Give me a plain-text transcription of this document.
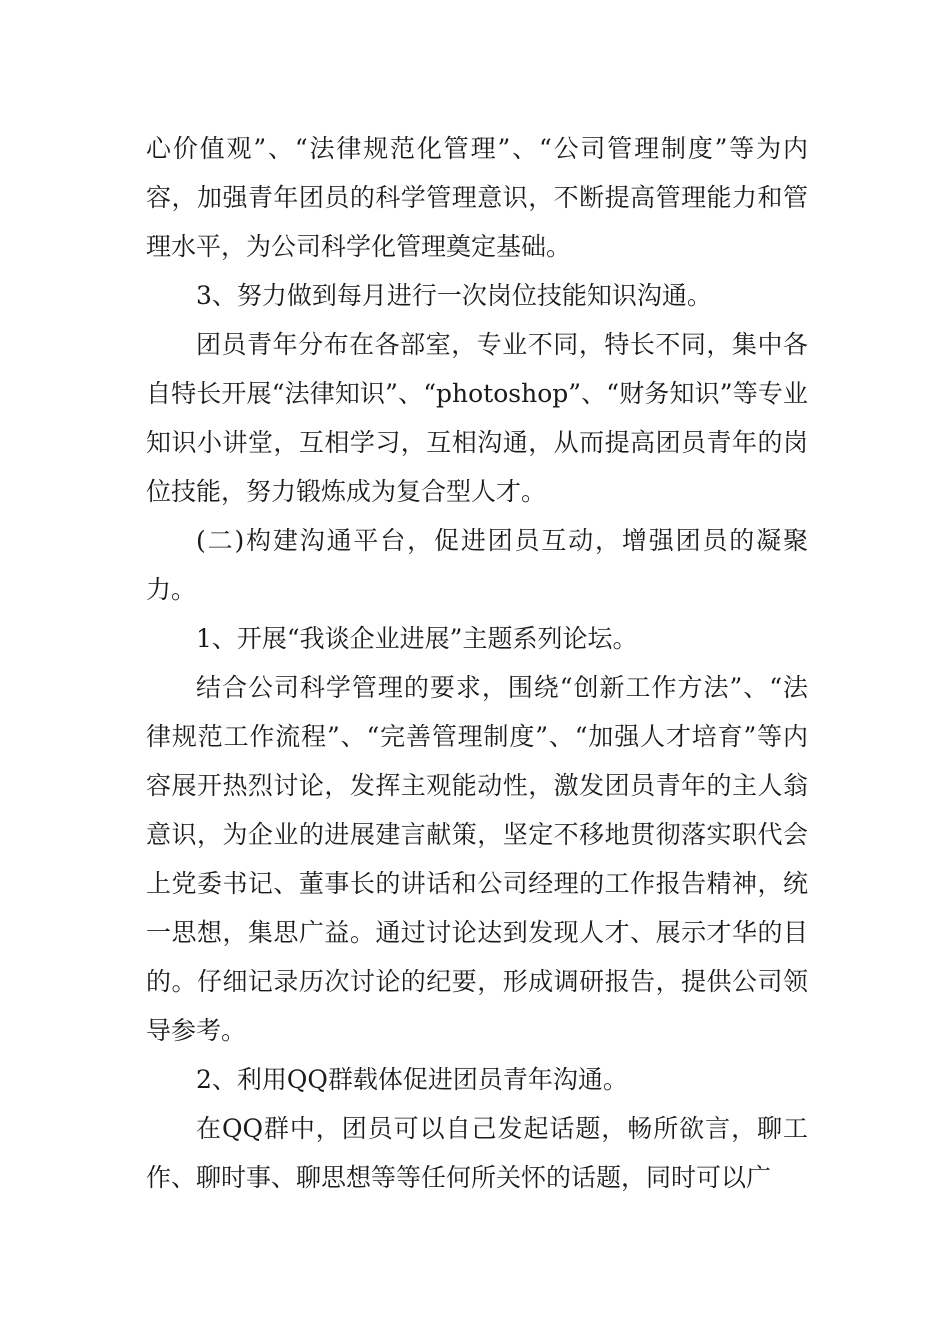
心价值观”、“法律规范化管理”、“公司管理制度”等为内容，加强青年团员的科学管理意识，不断提高管理能力和管理水平，为公司科学化管理奠定基础。

3、努力做到每月进行一次岗位技能知识沟通。

团员青年分布在各部室，专业不同，特长不同，集中各自特长开展“法律知识”、“photoshop”、“财务知识”等专业知识小讲堂，互相学习，互相沟通，从而提高团员青年的岗位技能，努力锻炼成为复合型人才。

(二)构建沟通平台，促进团员互动，增强团员的凝聚力。

1、开展“我谈企业进展”主题系列论坛。

结合公司科学管理的要求，围绕“创新工作方法”、“法律规范工作流程”、“完善管理制度”、“加强人才培育”等内容展开热烈讨论，发挥主观能动性，激发团员青年的主人翁意识，为企业的进展建言献策，坚定不移地贯彻落实职代会上党委书记、董事长的讲话和公司经理的工作报告精神，统一思想，集思广益。通过讨论达到发现人才、展示才华的目的。仔细记录历次讨论的纪要，形成调研报告，提供公司领导参考。

2、利用QQ群载体促进团员青年沟通。

在QQ群中，团员可以自己发起话题，畅所欲言，聊工作、聊时事、聊思想等等任何所关怀的话题，同时可以广
